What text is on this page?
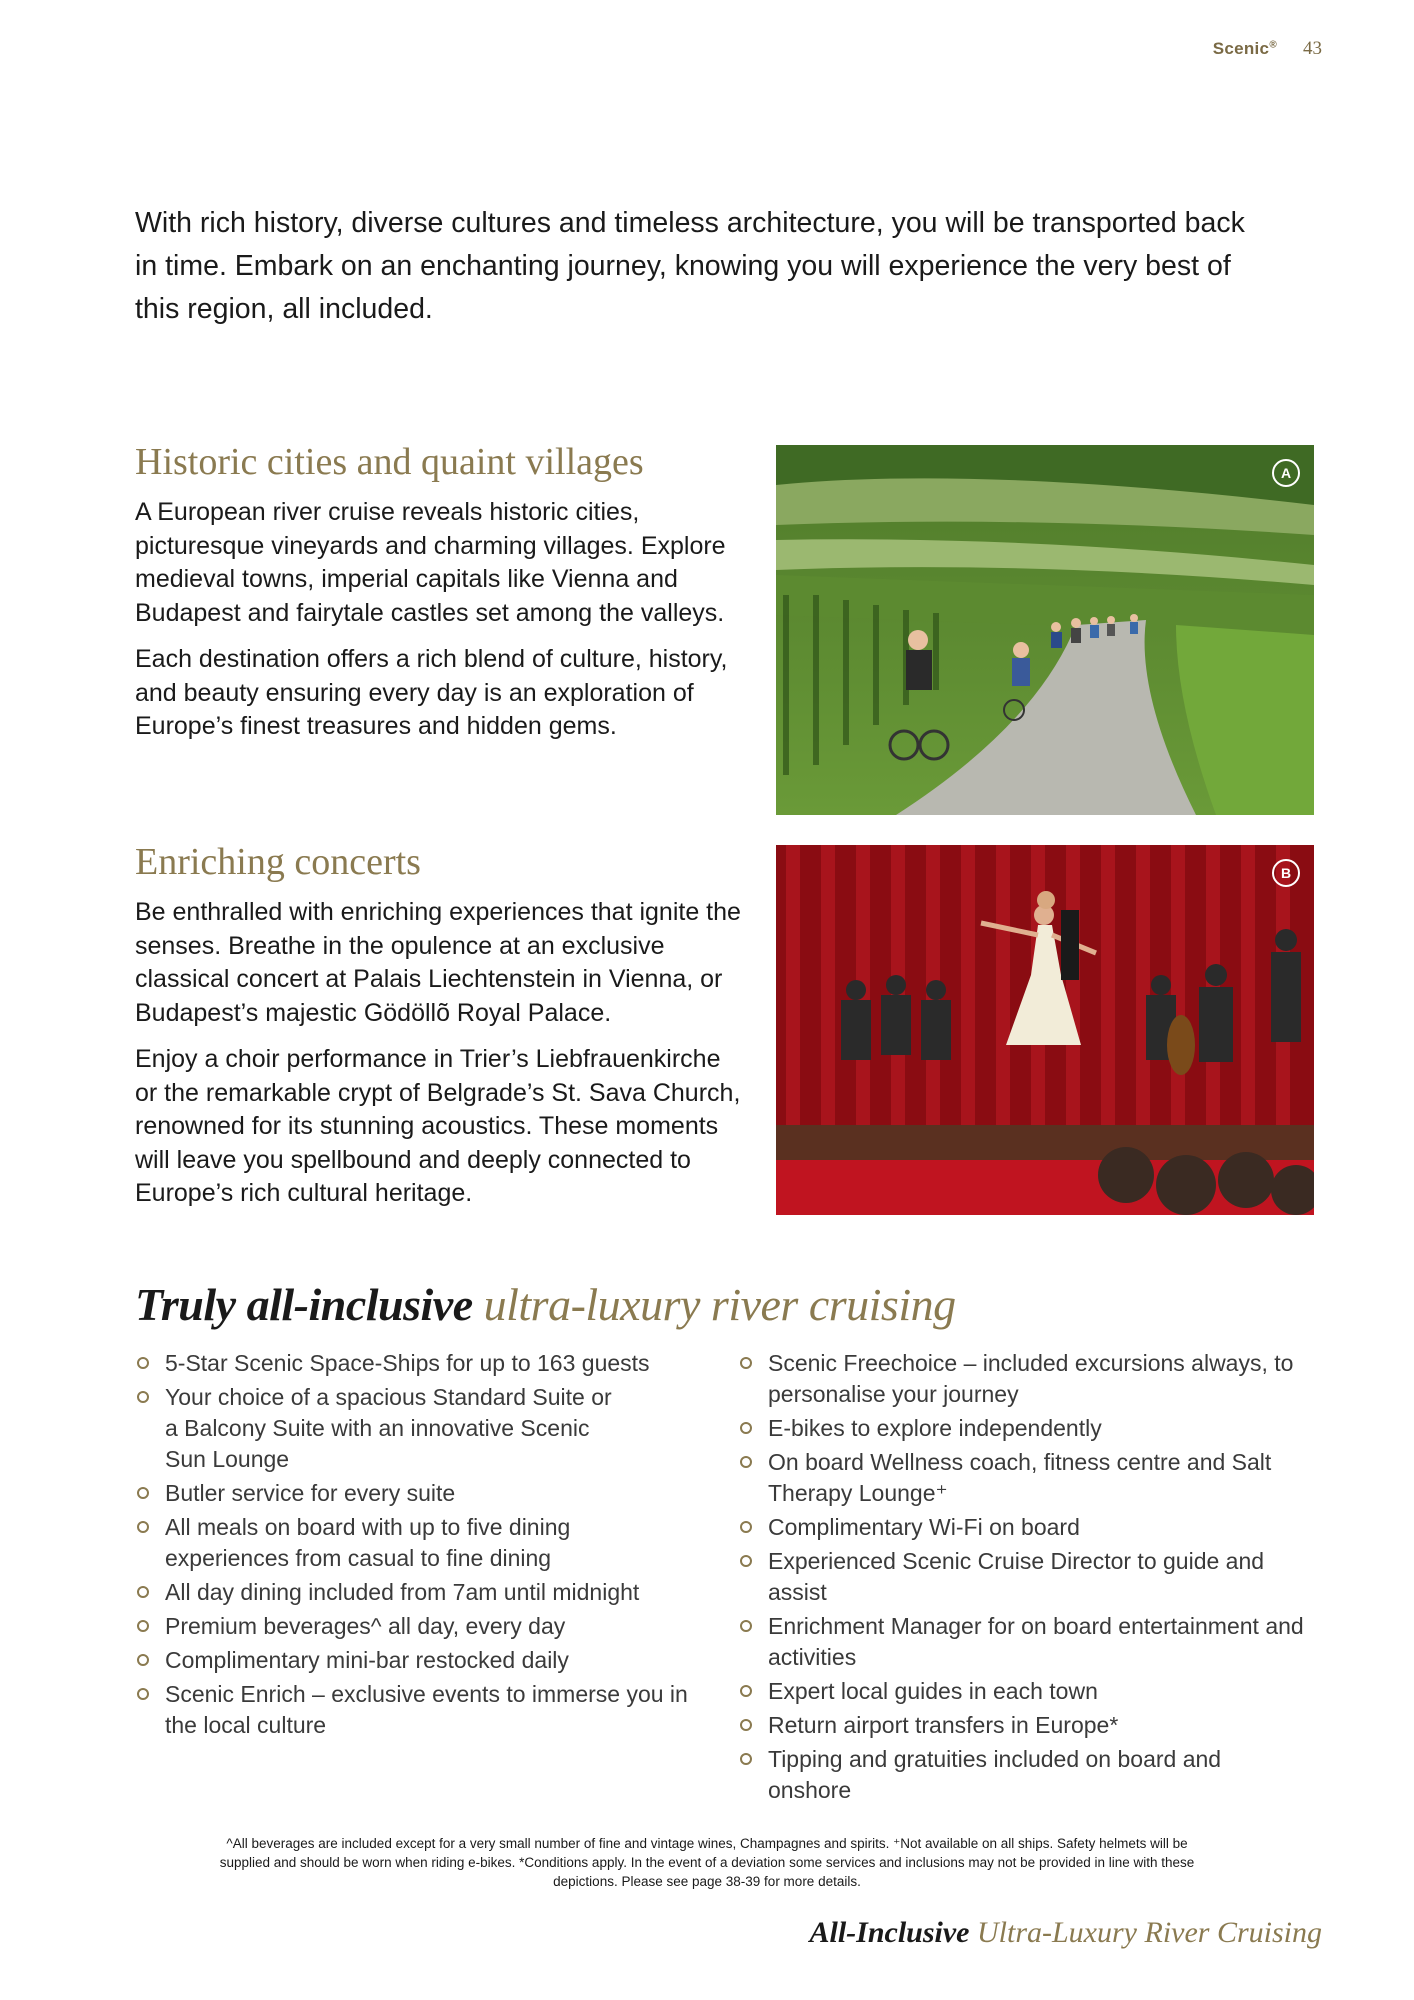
Scenic® 43
With rich history, diverse cultures and timeless architecture, you will be transported back in time. Embark on an enchanting journey, knowing you will experience the very best of this region, all included.
Historic cities and quaint villages

A European river cruise reveals historic cities, picturesque vineyards and charming villages. Explore medieval towns, imperial capitals like Vienna and Budapest and fairytale castles set among the valleys.

Each destination offers a rich blend of culture, history, and beauty ensuring every day is an exploration of Europe’s finest treasures and hidden gems.

A
Enriching concerts

Be enthralled with enriching experiences that ignite the senses. Breathe in the opulence at an exclusive classical concert at Palais Liechtenstein in Vienna, or Budapest’s majestic Gödöllõ Royal Palace.

Enjoy a choir performance in Trier’s Liebfrauenkirche or the remarkable crypt of Belgrade’s St. Sava Church, renowned for its stunning acoustics. These moments will leave you spellbound and deeply connected to Europe’s rich cultural heritage.

B
Truly all-inclusive ultra-luxury river cruising
5-Star Scenic Space-Ships for up to 163 guests
Your choice of a spacious Standard Suite or a Balcony Suite with an innovative Scenic Sun Lounge
Butler service for every suite
All meals on board with up to five dining experiences from casual to fine dining
All day dining included from 7am until midnight
Premium beverages^ all day, every day
Complimentary mini-bar restocked daily
Scenic Enrich – exclusive events to immerse you in the local culture
Scenic Freechoice – included excursions always, to personalise your journey
E-bikes to explore independently
On board Wellness coach, fitness centre and Salt Therapy Lounge⁺
Complimentary Wi-Fi on board
Experienced Scenic Cruise Director to guide and assist
Enrichment Manager for on board entertainment and activities
Expert local guides in each town
Return airport transfers in Europe*
Tipping and gratuities included on board and onshore
^All beverages are included except for a very small number of fine and vintage wines, Champagnes and spirits. ⁺Not available on all ships. Safety helmets will be supplied and should be worn when riding e-bikes. *Conditions apply. In the event of a deviation some services and inclusions may not be provided in line with these depictions. Please see page 38-39 for more details.
All-Inclusive Ultra-Luxury River Cruising
